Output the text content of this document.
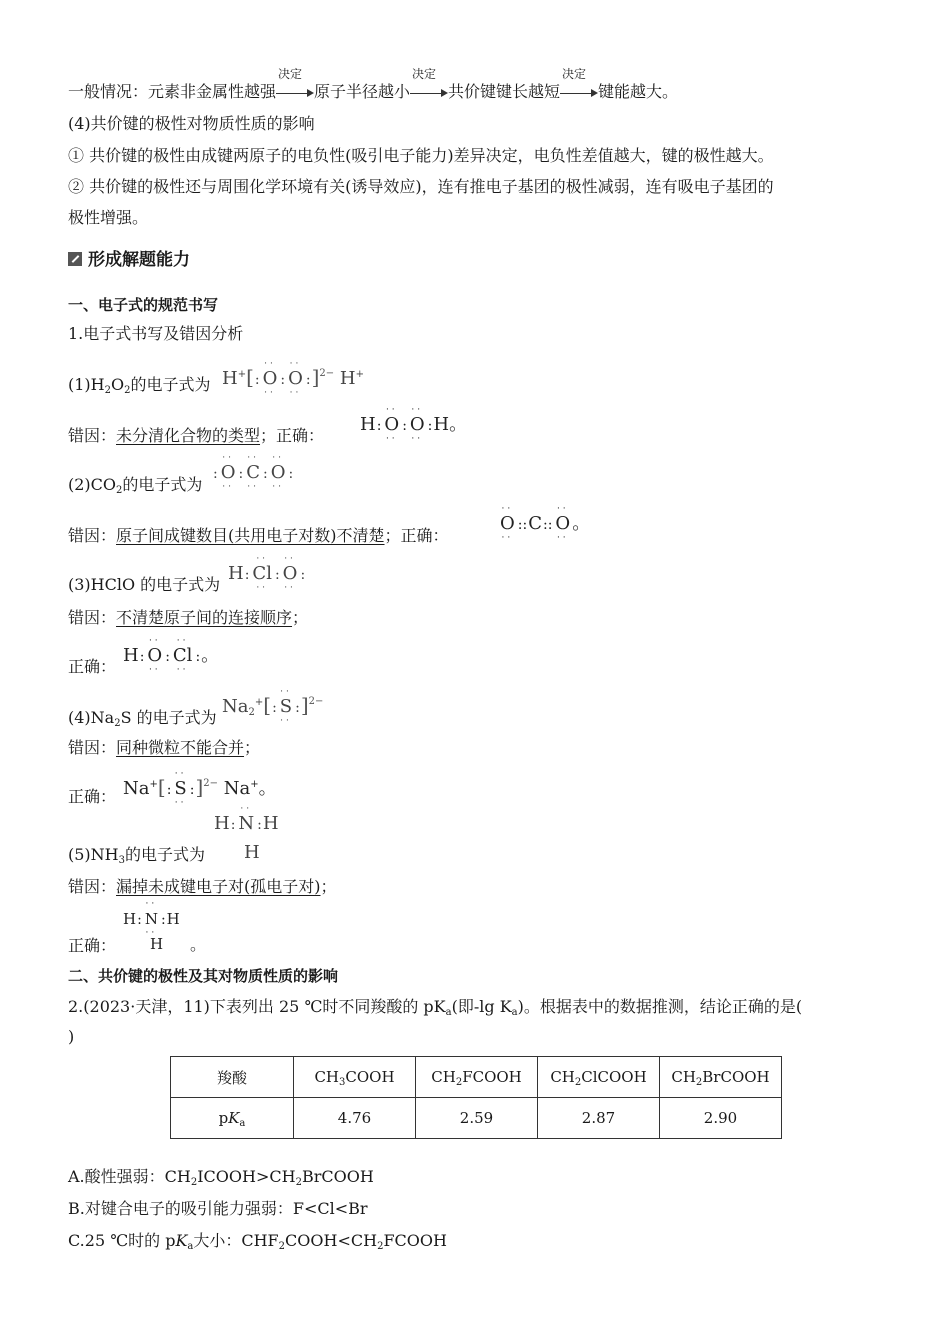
一般情况：元素非金属性越强
决定
原子半径越小
决定
共价键键长越短
决定
键能越大。
(4)共价键的极性对物质性质的影响
① 共价键的极性由成键两原子的电负性(吸引电子能力)差异决定，电负性差值越大，键的极性越大。
② 共价键的极性还与周围化学环境有关(诱导效应)，连有推电子基团的极性减弱，连有吸电子基团的
极性增强。
形成解题能力
一、电子式的规范书写
1.电子式书写及错因分析
$(1)H_2O_2$的电子式为 H+[:
··
O
··
:
··
O
··
:]$^{2-}$ H+
错因：未分清化合物的类型；正确：
H:
··
O
··
:
··
O
··
:H。
$(2)CO_2$的电子式为
:
··
O
··
:
··
C
··
:
··
O
··
:
错因：原子间成键数目(共用电子对数)不清楚；正确：
··
O
··
::C::
··
O
··
。
(3)HClO 的电子式为
H:
··
Cl
··
:
··
O
··
:
错因：不清楚原子间的连接顺序；
正确：
H:
··
O
··
:
··
Cl
··
:。
$(4)Na_2S$ 的电子式为
$Na_2^+$[:
··
S
··
:]$^{2-}$
错因：同种微粒不能合并；
正确： Na+[:
··
S
··
:]$^{2-}$ Na+。
H:
··
N :H
$(5)NH_3$的电子式为 H
错因：漏掉未成键电子对(孤电子对)；
H:
··
N
··
:H
正确： H 。
二、共价键的极性及其对物质性质的影响
2.(2023·天津，11)下表列出 25 ℃时不同羧酸的 $pK_a$(即-lg $K_a$)。根据表中的数据推测，结论正确的是(
)
羧酸	$CH_3COOH$	$CH_2FCOOH$	$CH_2ClCOOH$	$CH_2BrCOOH$
$pK_a$	4.76	2.59	2.87	2.90
A.酸性强弱：$CH_2ICOOH>CH_2BrCOOH$
B.对键合电子的吸引能力强弱：F<Cl<Br
C.25 ℃时的 $pK_a$大小：$CHF_2COOH<CH_2FCOOH$
